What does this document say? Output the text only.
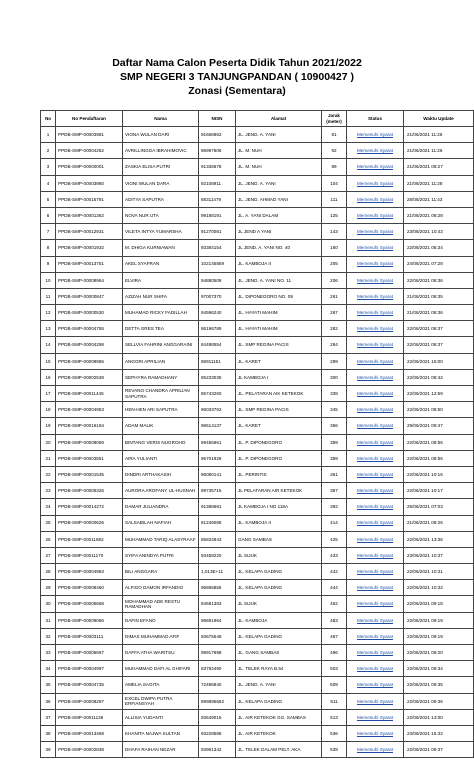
Daftar Nama Calon Peserta Didik Tahun 2021/2022
SMP NEGERI 3 TANJUNGPANDAN ( 10900427 )
Zonasi (Sementara)
No	No Pendaftaran	Nama	NISN	Alamat	Jarak (meter)	Status	Waktu Update
1	PPDB-SMP-00003981	VIONA WULAN DARI	91666862	JL. JEND. A. YANI	81	Memenuhi Syarat	21/06/2021 11:28
2	PPDB-SMP-00004252	AVRILLINGGA IBRAHIMOVIC	96997606	JL. M. NUH	92	Memenuhi Syarat	21/06/2021 11:26
3	PPDB-SMP-00000001	ZASKIA ELISA PUTRI	91336678	JL. M. NUH	99	Memenuhi Syarat	21/06/2021 08:27
4	PPDB-SMP-00003980	VIONI WULAN DARA	92108911	JL. JEND. A. YANI	104	Memenuhi Syarat	21/06/2021 11:28
5	PPDB-SMP-00015791	ADITYA SAPUTRA	88311479	JL. JEND. AHMAD YANI	111	Memenuhi Syarat	28/06/2021 11:43
6	PPDB-SMP-00001362	NOVA NUR UTA	99188191	JL. A. YANI DALAM	125	Memenuhi Syarat	21/06/2021 08:28
7	PPDB-SMP-00012931	VILETA INTYA YUMARSHA	91270081	JL JEND A YANI	143	Memenuhi Syarat	23/06/2021 10:43
8	PPDB-SMP-00001932	M. DHIGA KURNIAWAN	93384154	JL JEND. A. YANI NO. 40	160	Memenuhi Syarat	22/06/2021 08:34
9	PPDB-SMP-00013751	AKEL SYAFRAN	102145859	JL. KAMBOJA II	205	Memenuhi Syarat	24/06/2021 07:28
10	PPDB-SMP-00008964	ELVIRA	94880508	JL. JEND. A. YANI NO. 11	206	Memenuhi Syarat	22/06/2021 08:36
11	PPDB-SMP-00000847	AZIZAH NUR SHIFA	97007370	JL. DIPONEGORO NO. 09	261	Memenuhi Syarat	21/06/2021 08:35
12	PPDB-SMP-00000530	MUHAMAD RICKY FADILLAH	94596240	JL. HAYATI MAHIM	267	Memenuhi Syarat	21/06/2021 08:36
13	PPDB-SMP-00004755	DETTA GRES TEA	86196789	JL. HAYATI MAHIM	282	Memenuhi Syarat	22/06/2021 08:37
14	PPDB-SMP-00004298	SELLVIA FAHRINI ANGGARAINI	84498554	JL. SMP REGINA PACIS	284	Memenuhi Syarat	22/06/2021 08:37
15	PPDB-SMP-00009965	ANGGRI APRILIAN	86911151	JL. KARET	299	Memenuhi Syarat	22/06/2021 15:00
16	PPDB-SMP-00002538	SEPHYRA RAMADHANY	85233035	JL KAMBOJA I	300	Memenuhi Syarat	22/06/2021 08:42
17	PPDB-SMP-00011445	REVANO CHANDRA APRILIAN SAPUTRA	85743260	JL. PELATARAN AIK KETEKOK	338	Memenuhi Syarat	22/06/2021 12:59
18	PPDB-SMP-00004953	HEN-HEN ARI SAPUTRA	96033762	JL. SMP REGINA PACIS	345	Memenuhi Syarat	22/06/2021 08:50
19	PPDB-SMP-00016194	ADAM MALIK	96514137	JL. KARET	356	Memenuhi Syarat	29/06/2021 09:47
20	PPDB-SMP-00009069	BINTANG VERIS NUGROHO	99455961	JL. P. DIPONEGORO	359	Memenuhi Syarat	22/06/2021 08:56
21	PPDB-SMP-00003551	AIRA YULIANTI	95701928	JL. P. DIPONEGORO	359	Memenuhi Syarat	22/06/2021 08:56
22	PPDB-SMP-00001535	DINDRI ARTHAKASIH	96080141	JL. PERINTIS	361	Memenuhi Syarat	22/06/2021 10:16
23	PPDB-SMP-00005326	AURORA AROFANY UL-HUSNAH	89735715	JL PELATARAN AIR KETEKOK	387	Memenuhi Syarat	22/06/2021 10:17
24	PPDB-SMP-00014272	DAMAR JULIANDRA	91388681	JL KAMBOJA I NO 118A	392	Memenuhi Syarat	25/06/2021 07:03
25	PPDB-SMP-00000626	SALSABILAH NAFIAH	81246085	JL. KAMBOJA II	414	Memenuhi Syarat	21/06/2021 08:26
26	PPDB-SMP-00011682	MUHAMMAD TARIQ ALASYRAAF	85834843	GANG SAMBAS	425	Memenuhi Syarat	22/06/2021 13:36
27	PPDB-SMP-00011170	SYIFA ANINDYA PUTRI	93458220	JL SIJUK	433	Memenuhi Syarat	23/06/2021 10:37
28	PPDB-SMP-00004983	BILI ANGGARA	1,013E+11	JL. KELAPA GADING	442	Memenuhi Syarat	22/06/2021 10:31
29	PPDB-SMP-00008460	ALFIGO DAMON IRFANDIO	96865855	JL. KELAPA GADING	444	Memenuhi Syarat	22/06/2021 10:32
30	PPDB-SMP-00005668	MOHAMMAD ADE RESTU RAMADHAN	84581383	JL SIJUK	462	Memenuhi Syarat	22/06/2021 09:18
31	PPDB-SMP-00009066	DAFIN EFANO	96691964	JL. KAMBOJA	483	Memenuhi Syarat	22/06/2021 09:19
32	PPDB-SMP-00003111	DIMAS MUHAMMAD AFIF	93675548	JL. KELAPA GADING	487	Memenuhi Syarat	22/06/2021 09:19
33	PPDB-SMP-00005667	DAFFA ATHA WARITSU	99917898	JL. GANG SAMBAS	496	Memenuhi Syarat	22/06/2021 09:20
34	PPDB-SMP-00004997	MUHAMMAD DAFI AL GHIFARI	83792490	JL. TELEK RAYA B.54	503	Memenuhi Syarat	22/06/2021 09:34
35	PPDB-SMP-00004735	AMELIA SAGITA	72496840	JL. JEND. A. YANI	509	Memenuhi Syarat	22/06/2021 09:35
36	PPDB-SMP-00008297	EXCEL DWIPA PUTRA ERFIANSYAH	899895662	JL. KELAPA GADING	511	Memenuhi Syarat	22/06/2021 09:36
37	PPDB-SMP-00011136	ALLISIA YUDANTI	93649015	JL. AIR KETEKOK GG. SAMBAS	513	Memenuhi Syarat	22/06/2021 13:00
38	PPDB-SMP-00013468	KHANITA NAJWA SULTAN	93228588	JL. AIR KETEKOK	536	Memenuhi Syarat	23/06/2021 15:32
39	PPDB-SMP-00002838	DHAFA RAIHAN NEZAR	93961342	JL. TELEK DALAM PELT. AKA	539	Memenuhi Syarat	22/06/2021 09:37
